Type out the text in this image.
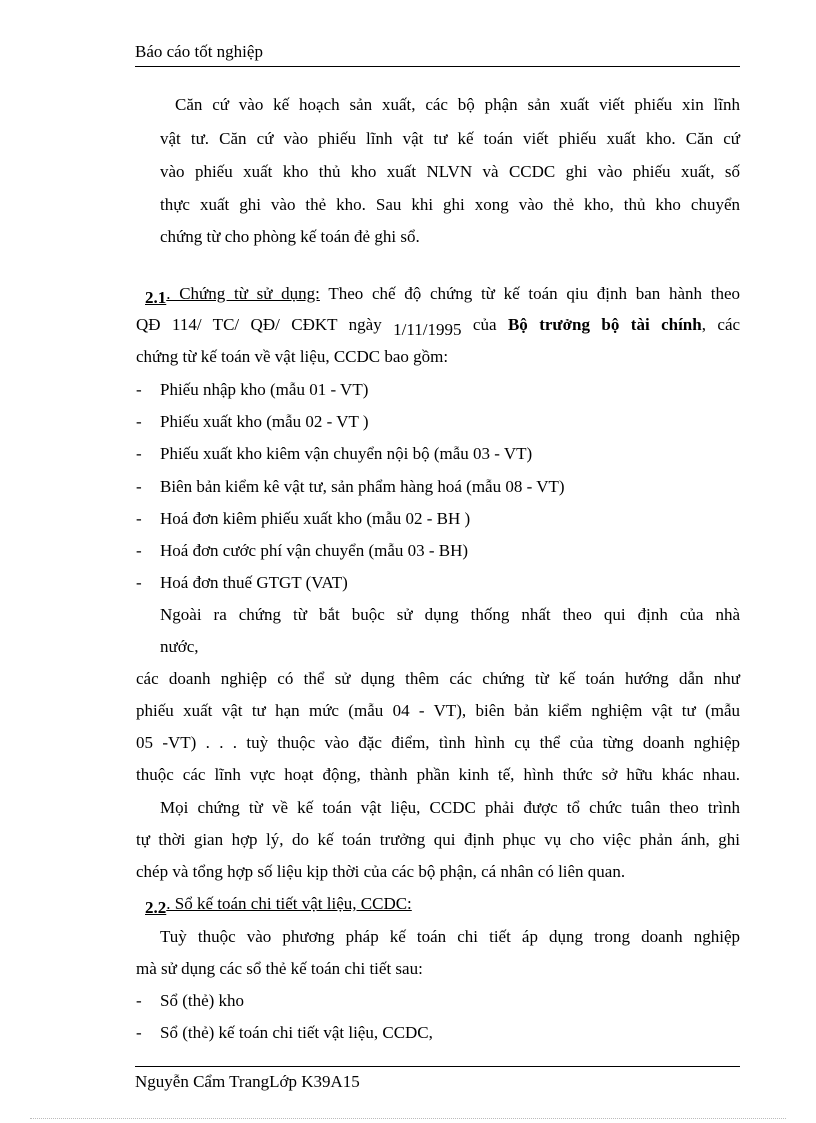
Báo cáo tốt nghiệp
Căn cứ vào kế hoạch sản xuất, các bộ phận sản xuất viết phiếu xin lĩnh
vật tư. Căn cứ vào phiếu lĩnh vật tư kế toán viết phiếu xuất kho. Căn cứ
vào phiếu xuất kho thủ kho xuất NLVN và CCDC ghi vào phiếu xuất, số
thực xuất ghi vào thẻ kho. Sau khi ghi xong vào thẻ kho, thủ kho chuyển
chứng từ cho phòng kế toán đẻ ghi sổ.
2.1. Chứng từ sử dụng: Theo chế độ chứng từ kế toán qiu định ban hành theo
QĐ 114/ TC/ QĐ/ CĐKT ngày 1/11/1995 của Bộ trưởng bộ tài chính, các
chứng từ kế toán về vật liệu, CCDC bao gồm:
- Phiếu nhập kho (mẫu 01 - VT)
- Phiếu xuất kho (mẫu 02 - VT )
- Phiếu xuất kho kiêm vận chuyển nội bộ (mẫu 03 - VT)
- Biên bản kiểm kê vật tư, sản phẩm hàng hoá (mẫu 08 - VT)
- Hoá đơn kiêm phiếu xuất kho (mẫu 02 - BH )
- Hoá đơn cước phí vận chuyển (mẫu 03 - BH)
- Hoá đơn thuế GTGT (VAT)
Ngoài ra chứng từ bắt buộc sử dụng thống nhất theo qui định của nhà
nước,
các doanh nghiệp có thể sử dụng thêm các chứng từ kế toán hướng dẫn như
phiếu xuất vật tư hạn mức (mẫu 04 - VT), biên bản kiểm nghiệm vật tư (mẫu
05 -VT) . . . tuỳ thuộc vào đặc điểm, tình hình cụ thể của từng doanh nghiệp
thuộc các lĩnh vực hoạt động, thành phần kinh tế, hình thức sở hữu khác nhau.
Mọi chứng từ về kế toán vật liệu, CCDC phải được tổ chức tuân theo trình
tự thời gian hợp lý, do kế toán trưởng qui định phục vụ cho việc phản ánh, ghi
chép và tổng hợp số liệu kịp thời của các bộ phận, cá nhân có liên quan.
2.2. Sổ kế toán chi tiết vật liệu, CCDC:
Tuỳ thuộc vào phương pháp kế toán chi tiết áp dụng trong doanh nghiệp
mà sử dụng các sổ thẻ kế toán chi tiết sau:
- Sổ (thẻ) kho
- Sổ (thẻ) kế toán chi tiết vật liệu, CCDC,
Nguyễn Cẩm TrangLớp K39A15
